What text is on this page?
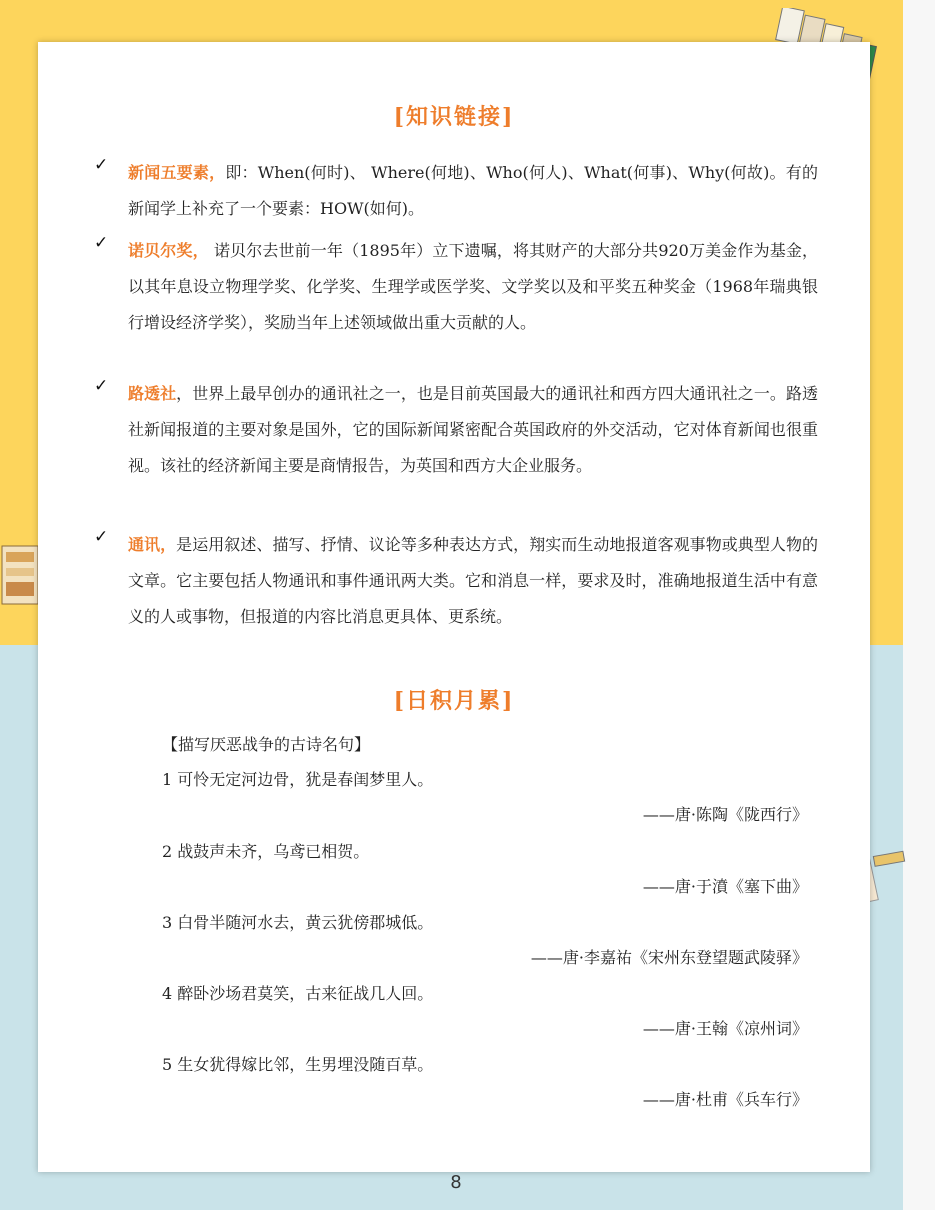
[知识链接]
✓ 新闻五要素，即：When(何时)、 Where(何地)、Who(何人)、What(何事)、Why(何故)。有的新闻学上补充了一个要素：HOW(如何)。

✓ 诺贝尔奖， 诺贝尔去世前一年（1895年）立下遗嘱，将其财产的大部分共920万美金作为基金，以其年息设立物理学奖、化学奖、生理学或医学奖、文学奖以及和平奖五种奖金（1968年瑞典银行增设经济学奖），奖励当年上述领域做出重大贡献的人。

✓ 路透社，世界上最早创办的通讯社之一，也是目前英国最大的通讯社和西方四大通讯社之一。路透社新闻报道的主要对象是国外，它的国际新闻紧密配合英国政府的外交活动，它对体育新闻也很重视。该社的经济新闻主要是商情报告，为英国和西方大企业服务。

✓ 通讯，是运用叙述、描写、抒情、议论等多种表达方式，翔实而生动地报道客观事物或典型人物的文章。它主要包括人物通讯和事件通讯两大类。它和消息一样，要求及时，准确地报道生活中有意义的人或事物，但报道的内容比消息更具体、更系统。

[日积月累]
【描写厌恶战争的古诗名句】
1 可怜无定河边骨，犹是春闺梦里人。
——唐·陈陶《陇西行》
2 战鼓声未齐，乌鸢已相贺。
——唐·于濆《塞下曲》
3 白骨半随河水去，黄云犹傍郡城低。
——唐·李嘉祐《宋州东登望题武陵驿》
4 醉卧沙场君莫笑，古来征战几人回。
——唐·王翰《凉州词》
5 生女犹得嫁比邻，生男埋没随百草。
——唐·杜甫《兵车行》
8
